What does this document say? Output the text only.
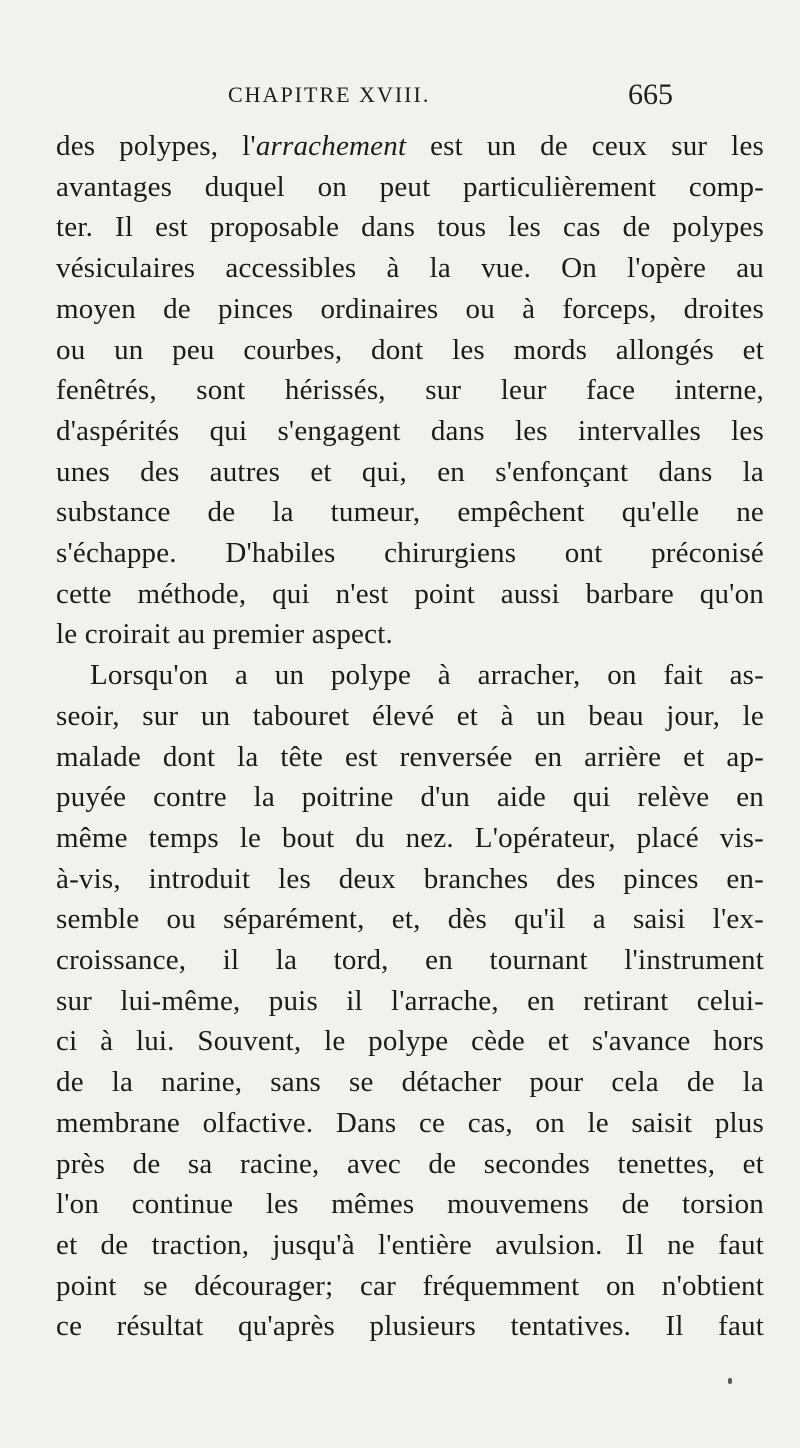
CHAPITRE XVIII.	665
des polypes, l'arrachement est un de ceux sur les
avantages duquel on peut particulièrement comp-
ter. Il est proposable dans tous les cas de polypes
vésiculaires accessibles à la vue. On l'opère au
moyen de pinces ordinaires ou à forceps, droites
ou un peu courbes, dont les mords allongés et
fenêtrés, sont hérissés, sur leur face interne,
d'aspérités qui s'engagent dans les intervalles les
unes des autres et qui, en s'enfonçant dans la
substance de la tumeur, empêchent qu'elle ne
s'échappe. D'habiles chirurgiens ont préconisé
cette méthode, qui n'est point aussi barbare qu'on
le croirait au premier aspect.
Lorsqu'on a un polype à arracher, on fait as-
seoir, sur un tabouret élevé et à un beau jour, le
malade dont la tête est renversée en arrière et ap-
puyée contre la poitrine d'un aide qui relève en
même temps le bout du nez. L'opérateur, placé vis-
à-vis, introduit les deux branches des pinces en-
semble ou séparément, et, dès qu'il a saisi l'ex-
croissance, il la tord, en tournant l'instrument
sur lui-même, puis il l'arrache, en retirant celui-
ci à lui. Souvent, le polype cède et s'avance hors
de la narine, sans se détacher pour cela de la
membrane olfactive. Dans ce cas, on le saisit plus
près de sa racine, avec de secondes tenettes, et
l'on continue les mêmes mouvemens de torsion
et de traction, jusqu'à l'entière avulsion. Il ne faut
point se décourager; car fréquemment on n'obtient
ce résultat qu'après plusieurs tentatives. Il faut
